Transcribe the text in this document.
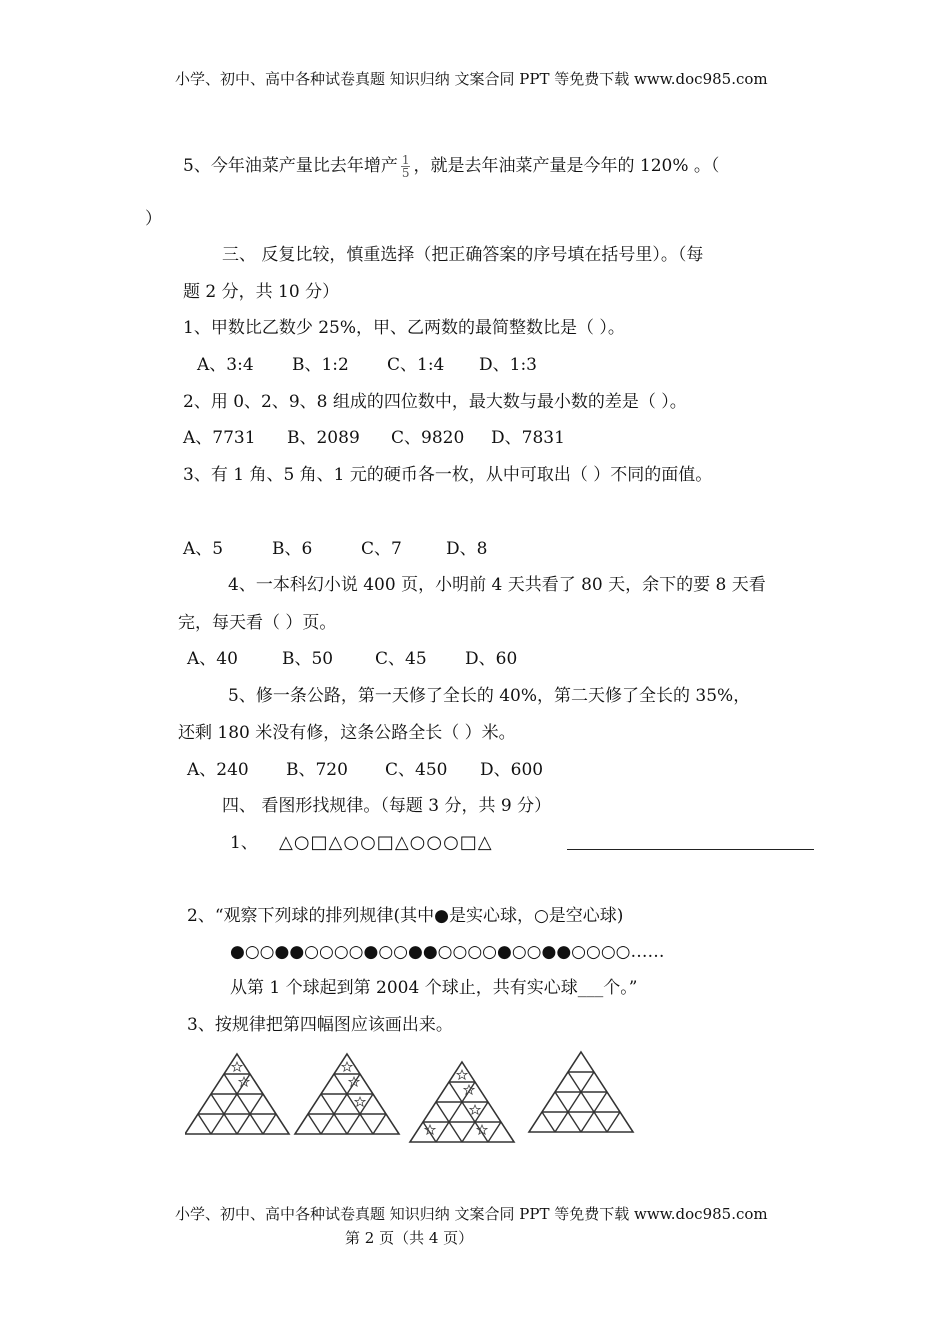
小学、初中、高中各种试卷真题 知识归纳 文案合同 PPT 等免费下载 www.doc985.com
5、今年油菜产量比去年增产 $\frac{1}{5}$ ，就是去年油菜产量是今年的 120% 。（
）
三、 反复比较，慎重选择（把正确答案的序号填在括号里）。（每
题 2 分，共 10 分）
1、甲数比乙数少 25%，甲、乙两数的最简整数比是（ ）。
A、3:4 B、1:2 C、1:4 D、1:3
2、用 0、2、9、8 组成的四位数中，最大数与最小数的差是（ ）。
A、7731 B、2089 C、9820 D、7831
3、有 1 角、5 角、1 元的硬币各一枚，从中可取出（ ）不同的面值。
A、5	B、6	C、7	D、8
4、一本科幻小说 400 页，小明前 4 天共看了 80 天，余下的要 8 天看
完，每天看（ ）页。
A、40	B、50 C、45 D、60
5、修一条公路，第一天修了全长的 40%，第二天修了全长的 35%，
还剩 180 米没有修，这条公路全长（ ）米。
A、240 B、720 C、450 D、600
四、 看图形找规律。（每题 3 分，共 9 分）
1、 △○□△○○□△○○○□△
2、“观察下列球的排列规律(其中●是实心球，○是空心球)
●○○●●○○○○●○○●●○○○○●○○●●○○○○……
从第 1 个球起到第 2004 个球止，共有实心球___个。”
3、按规律把第四幅图应该画出来。
小学、初中、高中各种试卷真题 知识归纳 文案合同 PPT 等免费下载 www.doc985.com
第 2 页（共 4 页）
